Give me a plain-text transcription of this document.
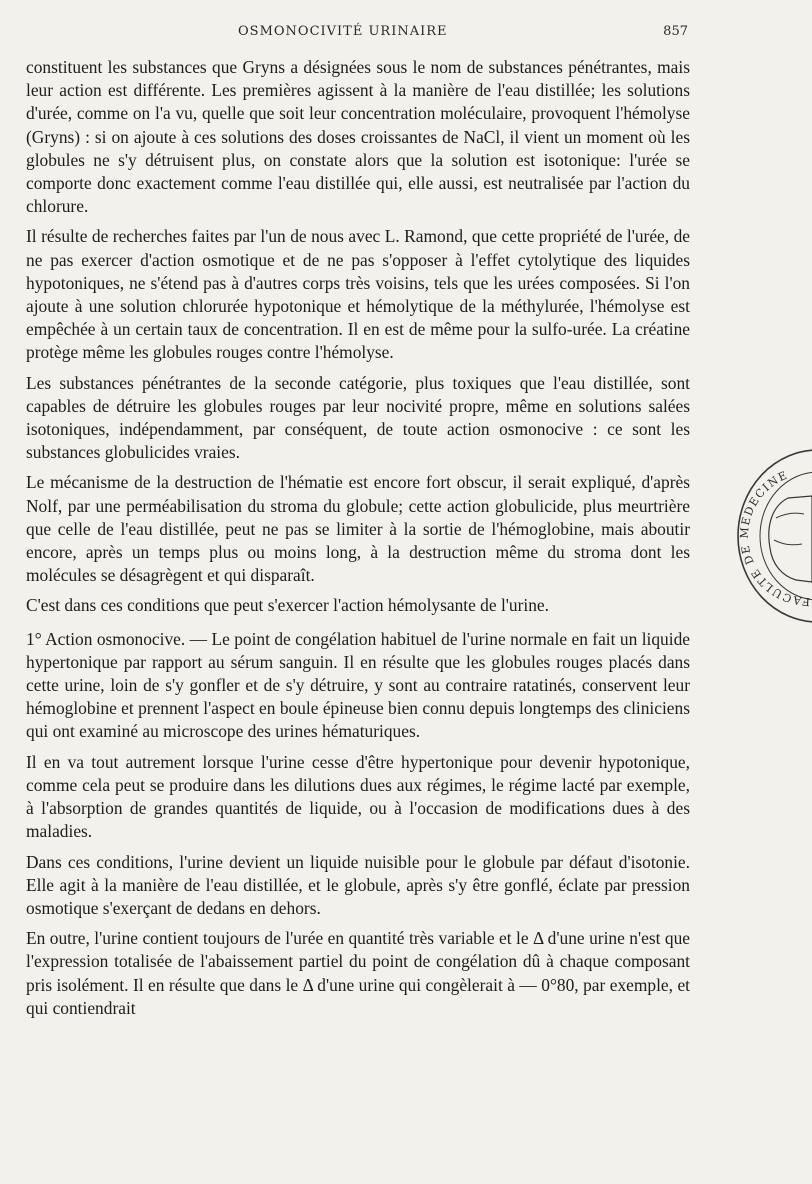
OSMONOCIVITÉ URINAIRE	857

constituent les substances que Gryns a désignées sous le nom de substances pénétrantes, mais leur action est différente. Les premières agissent à la manière de l'eau distillée; les solutions d'urée, comme on l'a vu, quelle que soit leur concentration moléculaire, provoquent l'hémolyse (Gryns) : si on ajoute à ces solutions des doses croissantes de NaCl, il vient un moment où les globules ne s'y détruisent plus, on constate alors que la solution est isotonique: l'urée se comporte donc exactement comme l'eau distillée qui, elle aussi, est neutralisée par l'action du chlorure.

Il résulte de recherches faites par l'un de nous avec L. Ramond, que cette propriété de l'urée, de ne pas exercer d'action osmotique et de ne pas s'opposer à l'effet cytolytique des liquides hypotoniques, ne s'étend pas à d'autres corps très voisins, tels que les urées composées. Si l'on ajoute à une solution chlorurée hypotonique et hémolytique de la méthylurée, l'hémolyse est empêchée à un certain taux de concentration. Il en est de même pour la sulfo-urée. La créatine protège même les globules rouges contre l'hémolyse.

Les substances pénétrantes de la seconde catégorie, plus toxiques que l'eau distillée, sont capables de détruire les globules rouges par leur nocivité propre, même en solutions salées isotoniques, indépendamment, par conséquent, de toute action osmonocive : ce sont les substances globulicides vraies.

Le mécanisme de la destruction de l'hématie est encore fort obscur, il serait expliqué, d'après Nolf, par une perméabilisation du stroma du globule; cette action globulicide, plus meurtrière que celle de l'eau distillée, peut ne pas se limiter à la sortie de l'hémoglobine, mais aboutir encore, après un temps plus ou moins long, à la destruction même du stroma dont les molécules se désagrègent et qui disparaît.

C'est dans ces conditions que peut s'exercer l'action hémolysante de l'urine.

1° Action osmonocive. — Le point de congélation habituel de l'urine normale en fait un liquide hypertonique par rapport au sérum sanguin. Il en résulte que les globules rouges placés dans cette urine, loin de s'y gonfler et de s'y détruire, y sont au contraire ratatinés, conservent leur hémoglobine et prennent l'aspect en boule épineuse bien connu depuis longtemps des cliniciens qui ont examiné au microscope des urines hématuriques.

Il en va tout autrement lorsque l'urine cesse d'être hypertonique pour devenir hypotonique, comme cela peut se produire dans les dilutions dues aux régimes, le régime lacté par exemple, à l'absorption de grandes quantités de liquide, ou à l'occasion de modifications dues à des maladies.

Dans ces conditions, l'urine devient un liquide nuisible pour le globule par défaut d'isotonie. Elle agit à la manière de l'eau distillée, et le globule, après s'y être gonflé, éclate par pression osmotique s'exerçant de dedans en dehors.

En outre, l'urine contient toujours de l'urée en quantité très variable et le Δ d'une urine n'est que l'expression totalisée de l'abaissement partiel du point de congélation dû à chaque composant pris isolément. Il en résulte que dans le Δ d'une urine qui congèlerait à — 0°80, par exemple, et qui contiendrait

FACULTE DE MEDECINE
